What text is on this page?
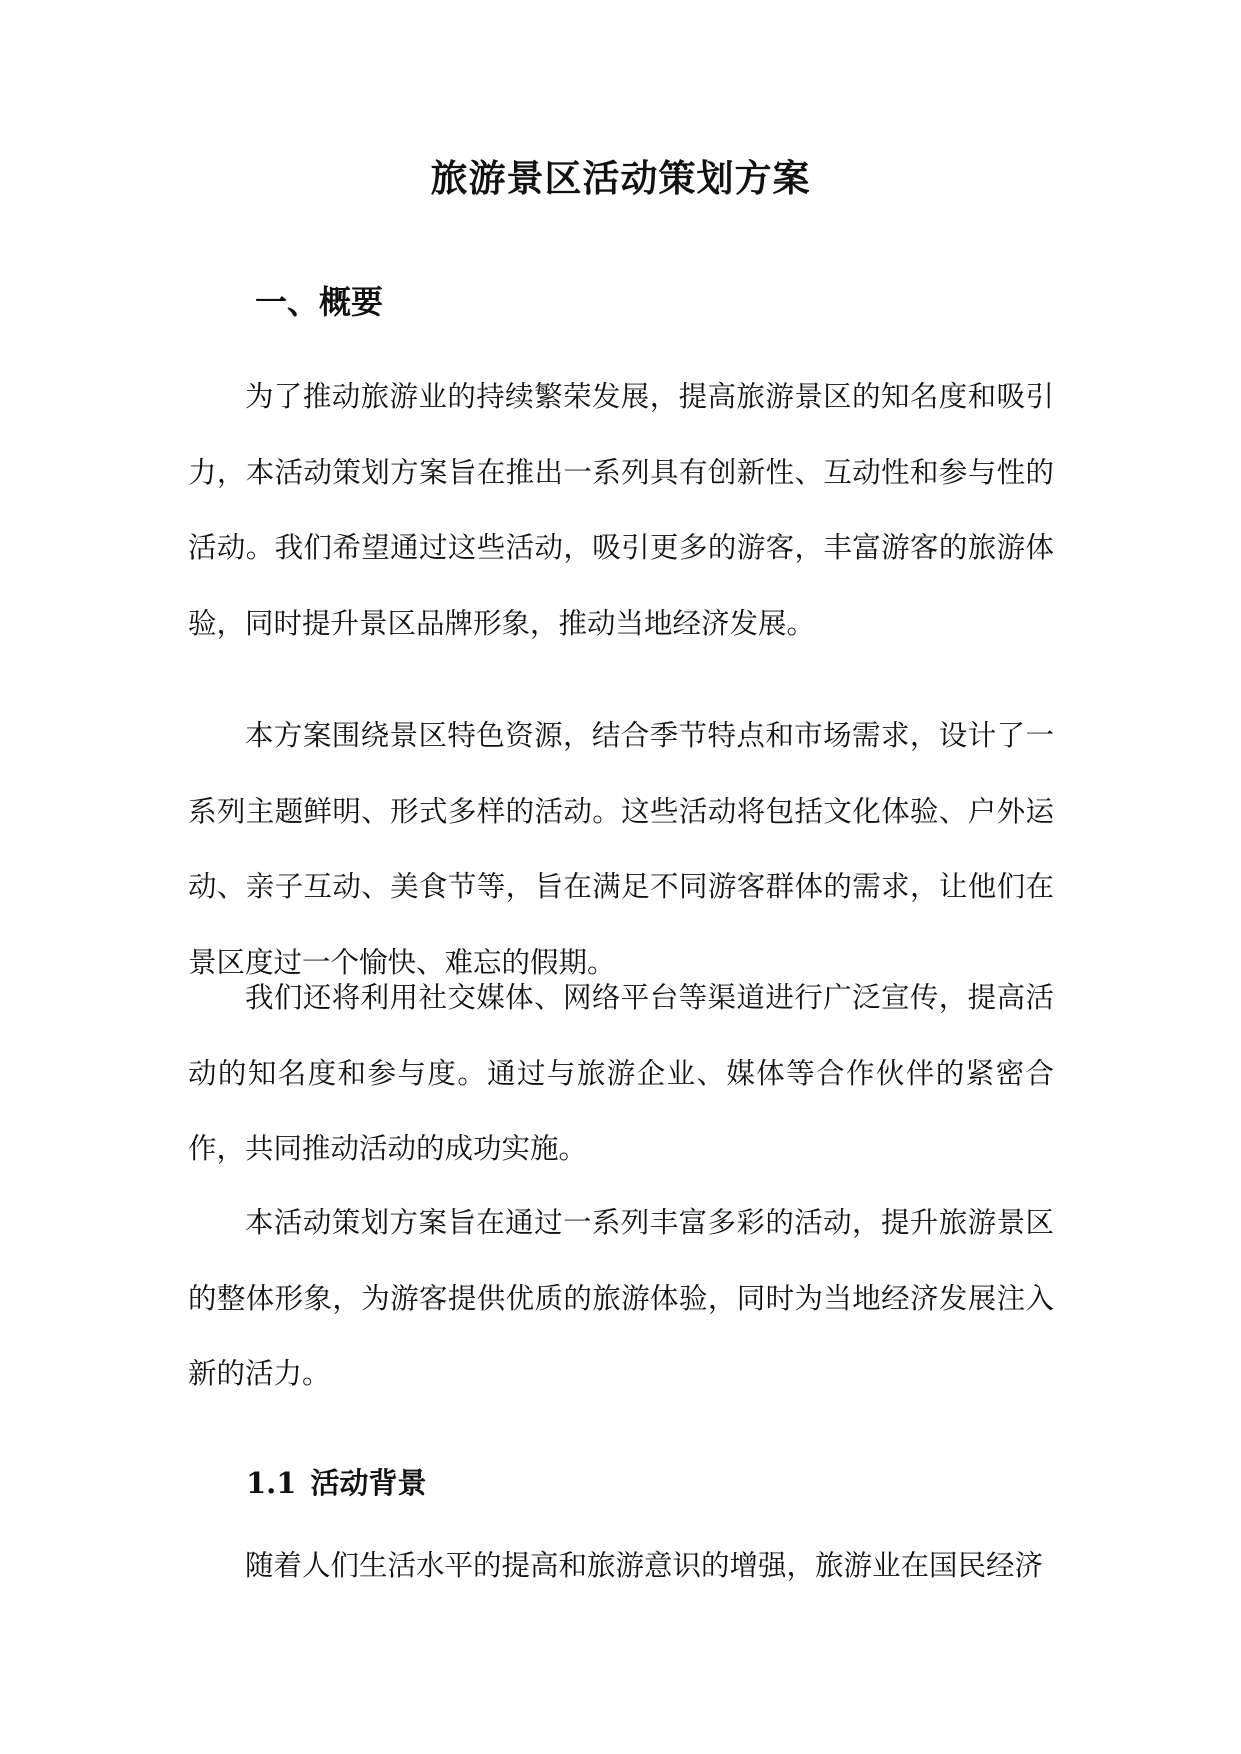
旅游景区活动策划方案
一、概要

为了推动旅游业的持续繁荣发展，提高旅游景区的知名度和吸引力，本活动策划方案旨在推出一系列具有创新性、互动性和参与性的活动。我们希望通过这些活动，吸引更多的游客，丰富游客的旅游体验，同时提升景区品牌形象，推动当地经济发展。

本方案围绕景区特色资源，结合季节特点和市场需求，设计了一系列主题鲜明、形式多样的活动。这些活动将包括文化体验、户外运动、亲子互动、美食节等，旨在满足不同游客群体的需求，让他们在景区度过一个愉快、难忘的假期。

我们还将利用社交媒体、网络平台等渠道进行广泛宣传，提高活动的知名度和参与度。通过与旅游企业、媒体等合作伙伴的紧密合作，共同推动活动的成功实施。

本活动策划方案旨在通过一系列丰富多彩的活动，提升旅游景区的整体形象，为游客提供优质的旅游体验，同时为当地经济发展注入新的活力。

1.1 活动背景

随着人们生活水平的提高和旅游意识的增强，旅游业在国民经济
